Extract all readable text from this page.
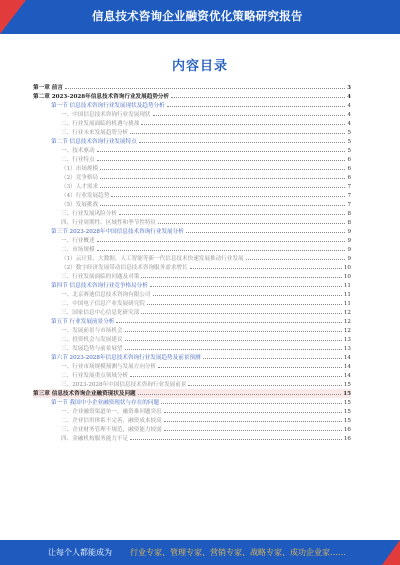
信息技术咨询企业融资优化策略研究报告
内容目录
第一章 前言	3
第二章 2023-2028年信息技术咨询行业发展趋势分析	4
第一节 信息技术咨询行业发展现状及趋势分析	4
一、中国信息技术咨询行业发展现状	4
二、行业发展面临的机遇与挑战	4
三、行业未来发展趋势分析	5
第二节 信息技术咨询行业发展特点	5
一、技术驱动	5
二、行业特点	6
（1）市场规模	6
（2）竞争格局	6
（3）人才需求	7
（4）行业发展趋势	7
（5）发展挑战	7
三、行业发展风险分析	8
四、行业周期性、区域性和季节性特征	8
第三节 2023-2028年中国信息技术咨询行业发展分析	9
一、行业概述	9
二、市场规模	9
（1）云计算、大数据、人工智能等新一代信息技术快速发展推动行业发展	9
（2）数字经济发展带动信息技术咨询服务需求增长	10
三、行业发展面临的问题及对策	10
第四节 信息技术咨询行业竞争格局分析	11
一、北京赛迪信息技术咨询有限公司	11
二、中国电子信息产业发展研究院	11
三、国家信息中心信息化研究部	12
第五节 行业发展前景分析	12
一、发展前景与市场机会	12
二、投资机会与发展建议	13
三、发展趋势与前景展望	13
第六节 2023-2028年信息技术咨询行业发展趋势及前景预测	14
一、行业市场规模预测与发展方向分析	14
二、行业发展重点领域分析	14
三、2023-2028年中国信息技术咨询行业发展前景	15
第三章 信息技术咨询企业融资现状及问题	15
第一节 我国中小企业融资现状与存在的问题	15
一、企业融资渠道单一，融资难问题突出	15
二、企业信用体系不完善，融资成本较高	15
三、企业财务管理不规范，融资能力较弱	16
四、金融机构服务能力不足	16
让每个人都能成为 行业专家、管理专家、营销专家、战略专家、成功企业家……
